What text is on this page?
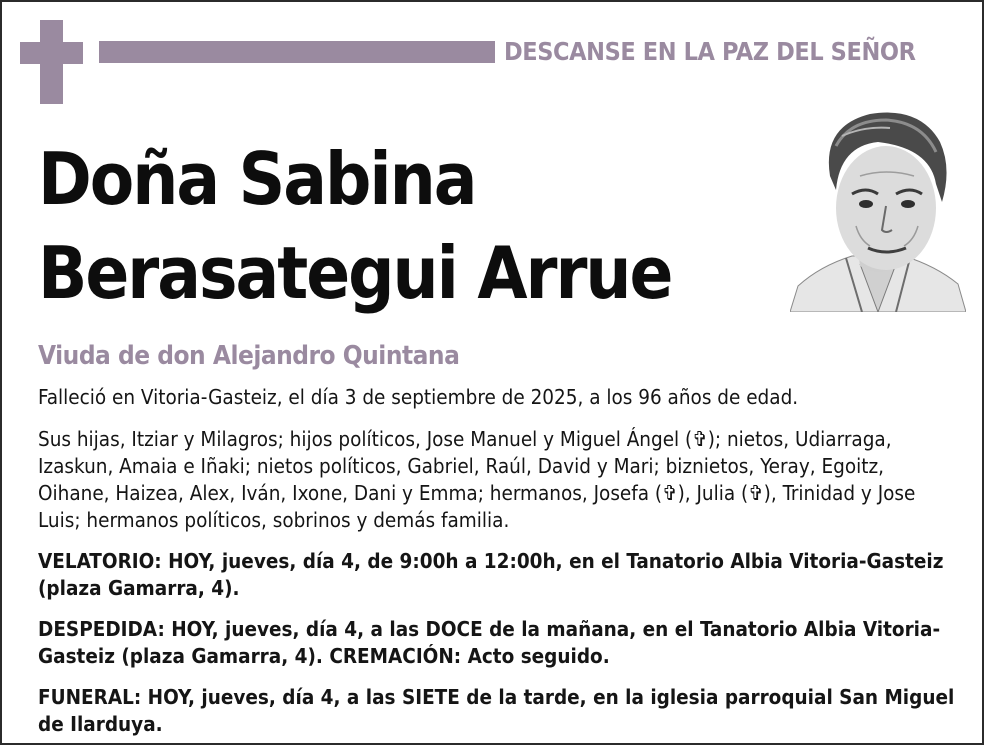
DESCANSE EN LA PAZ DEL SEÑOR
Doña Sabina
Berasategui Arrue
Viuda de don Alejandro Quintana

Falleció en Vitoria-Gasteiz, el día 3 de septiembre de 2025, a los 96 años de edad.

Sus hijas, Itziar y Milagros; hijos políticos, Jose Manuel y Miguel Ángel (✞); nietos, Udiarraga, Izaskun, Amaia e Iñaki; nietos políticos, Gabriel, Raúl, David y Mari; biznietos, Yeray, Egoitz, Oihane, Haizea, Alex, Iván, Ixone, Dani y Emma; hermanos, Josefa (✞), Julia (✞), Trinidad y Jose Luis; hermanos políticos, sobrinos y demás familia.

VELATORIO: HOY, jueves, día 4, de 9:00h a 12:00h, en el Tanatorio Albia Vitoria-Gasteiz (plaza Gamarra, 4).

DESPEDIDA: HOY, jueves, día 4, a las DOCE de la mañana, en el Tanatorio Albia Vitoria-Gasteiz (plaza Gamarra, 4). CREMACIÓN: Acto seguido.

FUNERAL: HOY, jueves, día 4, a las SIETE de la tarde, en la iglesia parroquial San Miguel de Ilarduya.
